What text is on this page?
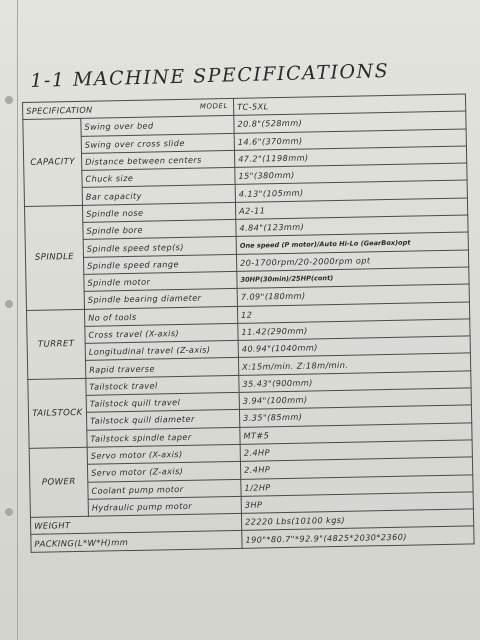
1-1 MACHINE SPECIFICATIONS
SPECIFICATION MODEL		TC-5XL
CAPACITY	Swing over bed	20.8"(528mm)
	Swing over cross slide	14.6"(370mm)
	Distance between centers	47.2"(1198mm)
	Chuck size	15"(380mm)
	Bar capacity	4.13"(105mm)
SPINDLE	Spindle nose	A2-11
	Spindle bore	4.84"(123mm)
	Spindle speed step(s)	One speed (P motor)/Auto Hi-Lo (GearBox)opt
	Spindle speed range	20-1700rpm/20-2000rpm opt
	Spindle motor	30HP(30min)/25HP(cont)
	Spindle bearing diameter	7.09"(180mm)
TURRET	No of tools	12
	Cross travel (X-axis)	11.42(290mm)
	Longitudinal travel (Z-axis)	40.94"(1040mm)
	Rapid traverse	X:15m/min. Z:18m/min.
TAILSTOCK	Tailstock travel	35.43"(900mm)
	Tailstock quill travel	3.94"(100mm)
	Tailstock quill diameter	3.35"(85mm)
	Tailstock spindle taper	MT#5
POWER	Servo motor (X-axis)	2.4HP
	Servo motor (Z-axis)	2.4HP
	Coolant pump motor	1/2HP
	Hydraulic pump motor	3HP
WEIGHT		22220 Lbs(10100 kgs)
PACKING(L*W*H)mm		190"*80.7"*92.9"(4825*2030*2360)
